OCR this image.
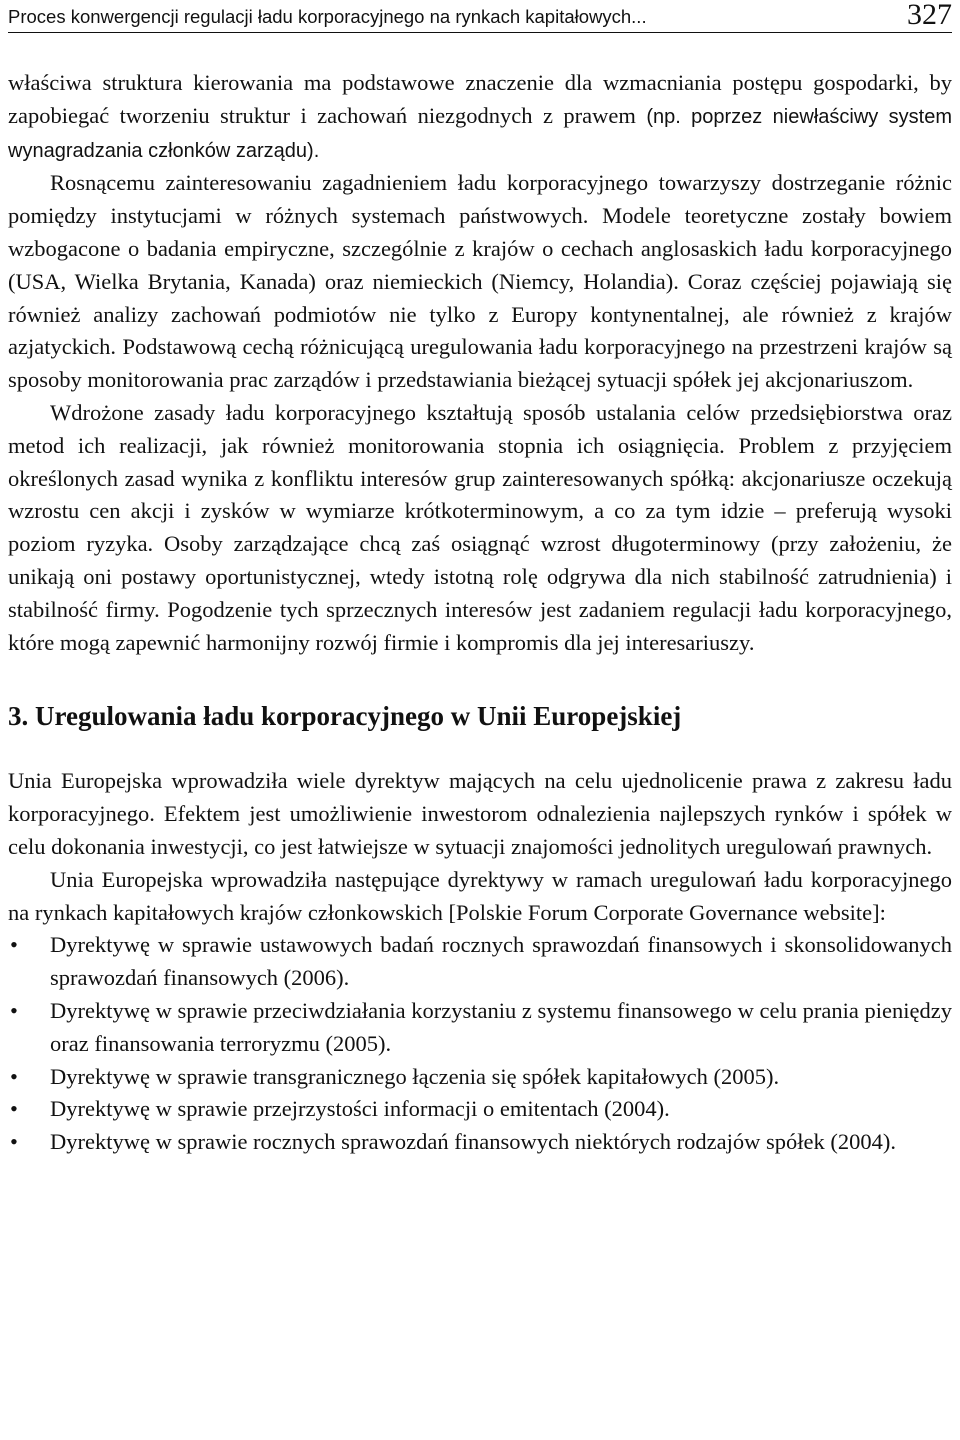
Proces konwergencji regulacji ładu korporacyjnego na rynkach kapitałowych...	327

właściwa struktura kierowania ma podstawowe znaczenie dla wzmacniania postępu gospodarki, by zapobiegać tworzeniu struktur i zachowań niezgodnych z prawem (np. poprzez niewłaściwy system wynagradzania członków zarządu).

Rosnącemu zainteresowaniu zagadnieniem ładu korporacyjnego towarzyszy dostrzeganie różnic pomiędzy instytucjami w różnych systemach państwowych. Modele teoretyczne zostały bowiem wzbogacone o badania empiryczne, szczególnie z krajów o cechach anglosaskich ładu korporacyjnego (USA, Wielka Brytania, Kanada) oraz niemieckich (Niemcy, Holandia). Coraz częściej pojawiają się również analizy zachowań podmiotów nie tylko z Europy kontynentalnej, ale również z krajów azjatyckich. Podstawową cechą różnicującą uregulowania ładu korporacyjnego na przestrzeni krajów są sposoby monitorowania prac zarządów i przedstawiania bieżącej sytuacji spółek jej akcjonariuszom.

Wdrożone zasady ładu korporacyjnego kształtują sposób ustalania celów przedsiębiorstwa oraz metod ich realizacji, jak również monitorowania stopnia ich osiągnięcia. Problem z przyjęciem określonych zasad wynika z konfliktu interesów grup zainteresowanych spółką: akcjonariusze oczekują wzrostu cen akcji i zysków w wymiarze krótkoterminowym, a co za tym idzie – preferują wysoki poziom ryzyka. Osoby zarządzające chcą zaś osiągnąć wzrost długoterminowy (przy założeniu, że unikają oni postawy oportunistycznej, wtedy istotną rolę odgrywa dla nich stabilność zatrudnienia) i stabilność firmy. Pogodzenie tych sprzecznych interesów jest zadaniem regulacji ładu korporacyjnego, które mogą zapewnić harmonijny rozwój firmie i kompromis dla jej interesariuszy.

3. Uregulowania ładu korporacyjnego w Unii Europejskiej

Unia Europejska wprowadziła wiele dyrektyw mających na celu ujednolicenie prawa z zakresu ładu korporacyjnego. Efektem jest umożliwienie inwestorom odnalezienia najlepszych rynków i spółek w celu dokonania inwestycji, co jest łatwiejsze w sytuacji znajomości jednolitych uregulowań prawnych.

Unia Europejska wprowadziła następujące dyrektywy w ramach uregulowań ładu korporacyjnego na rynkach kapitałowych krajów członkowskich [Polskie Forum Corporate Governance website]:

• Dyrektywę w sprawie ustawowych badań rocznych sprawozdań finansowych i skonsolidowanych sprawozdań finansowych (2006).
• Dyrektywę w sprawie przeciwdziałania korzystaniu z systemu finansowego w celu prania pieniędzy oraz finansowania terroryzmu (2005).
• Dyrektywę w sprawie transgranicznego łączenia się spółek kapitałowych (2005).
• Dyrektywę w sprawie przejrzystości informacji o emitentach (2004).
• Dyrektywę w sprawie rocznych sprawozdań finansowych niektórych rodzajów spółek (2004).
